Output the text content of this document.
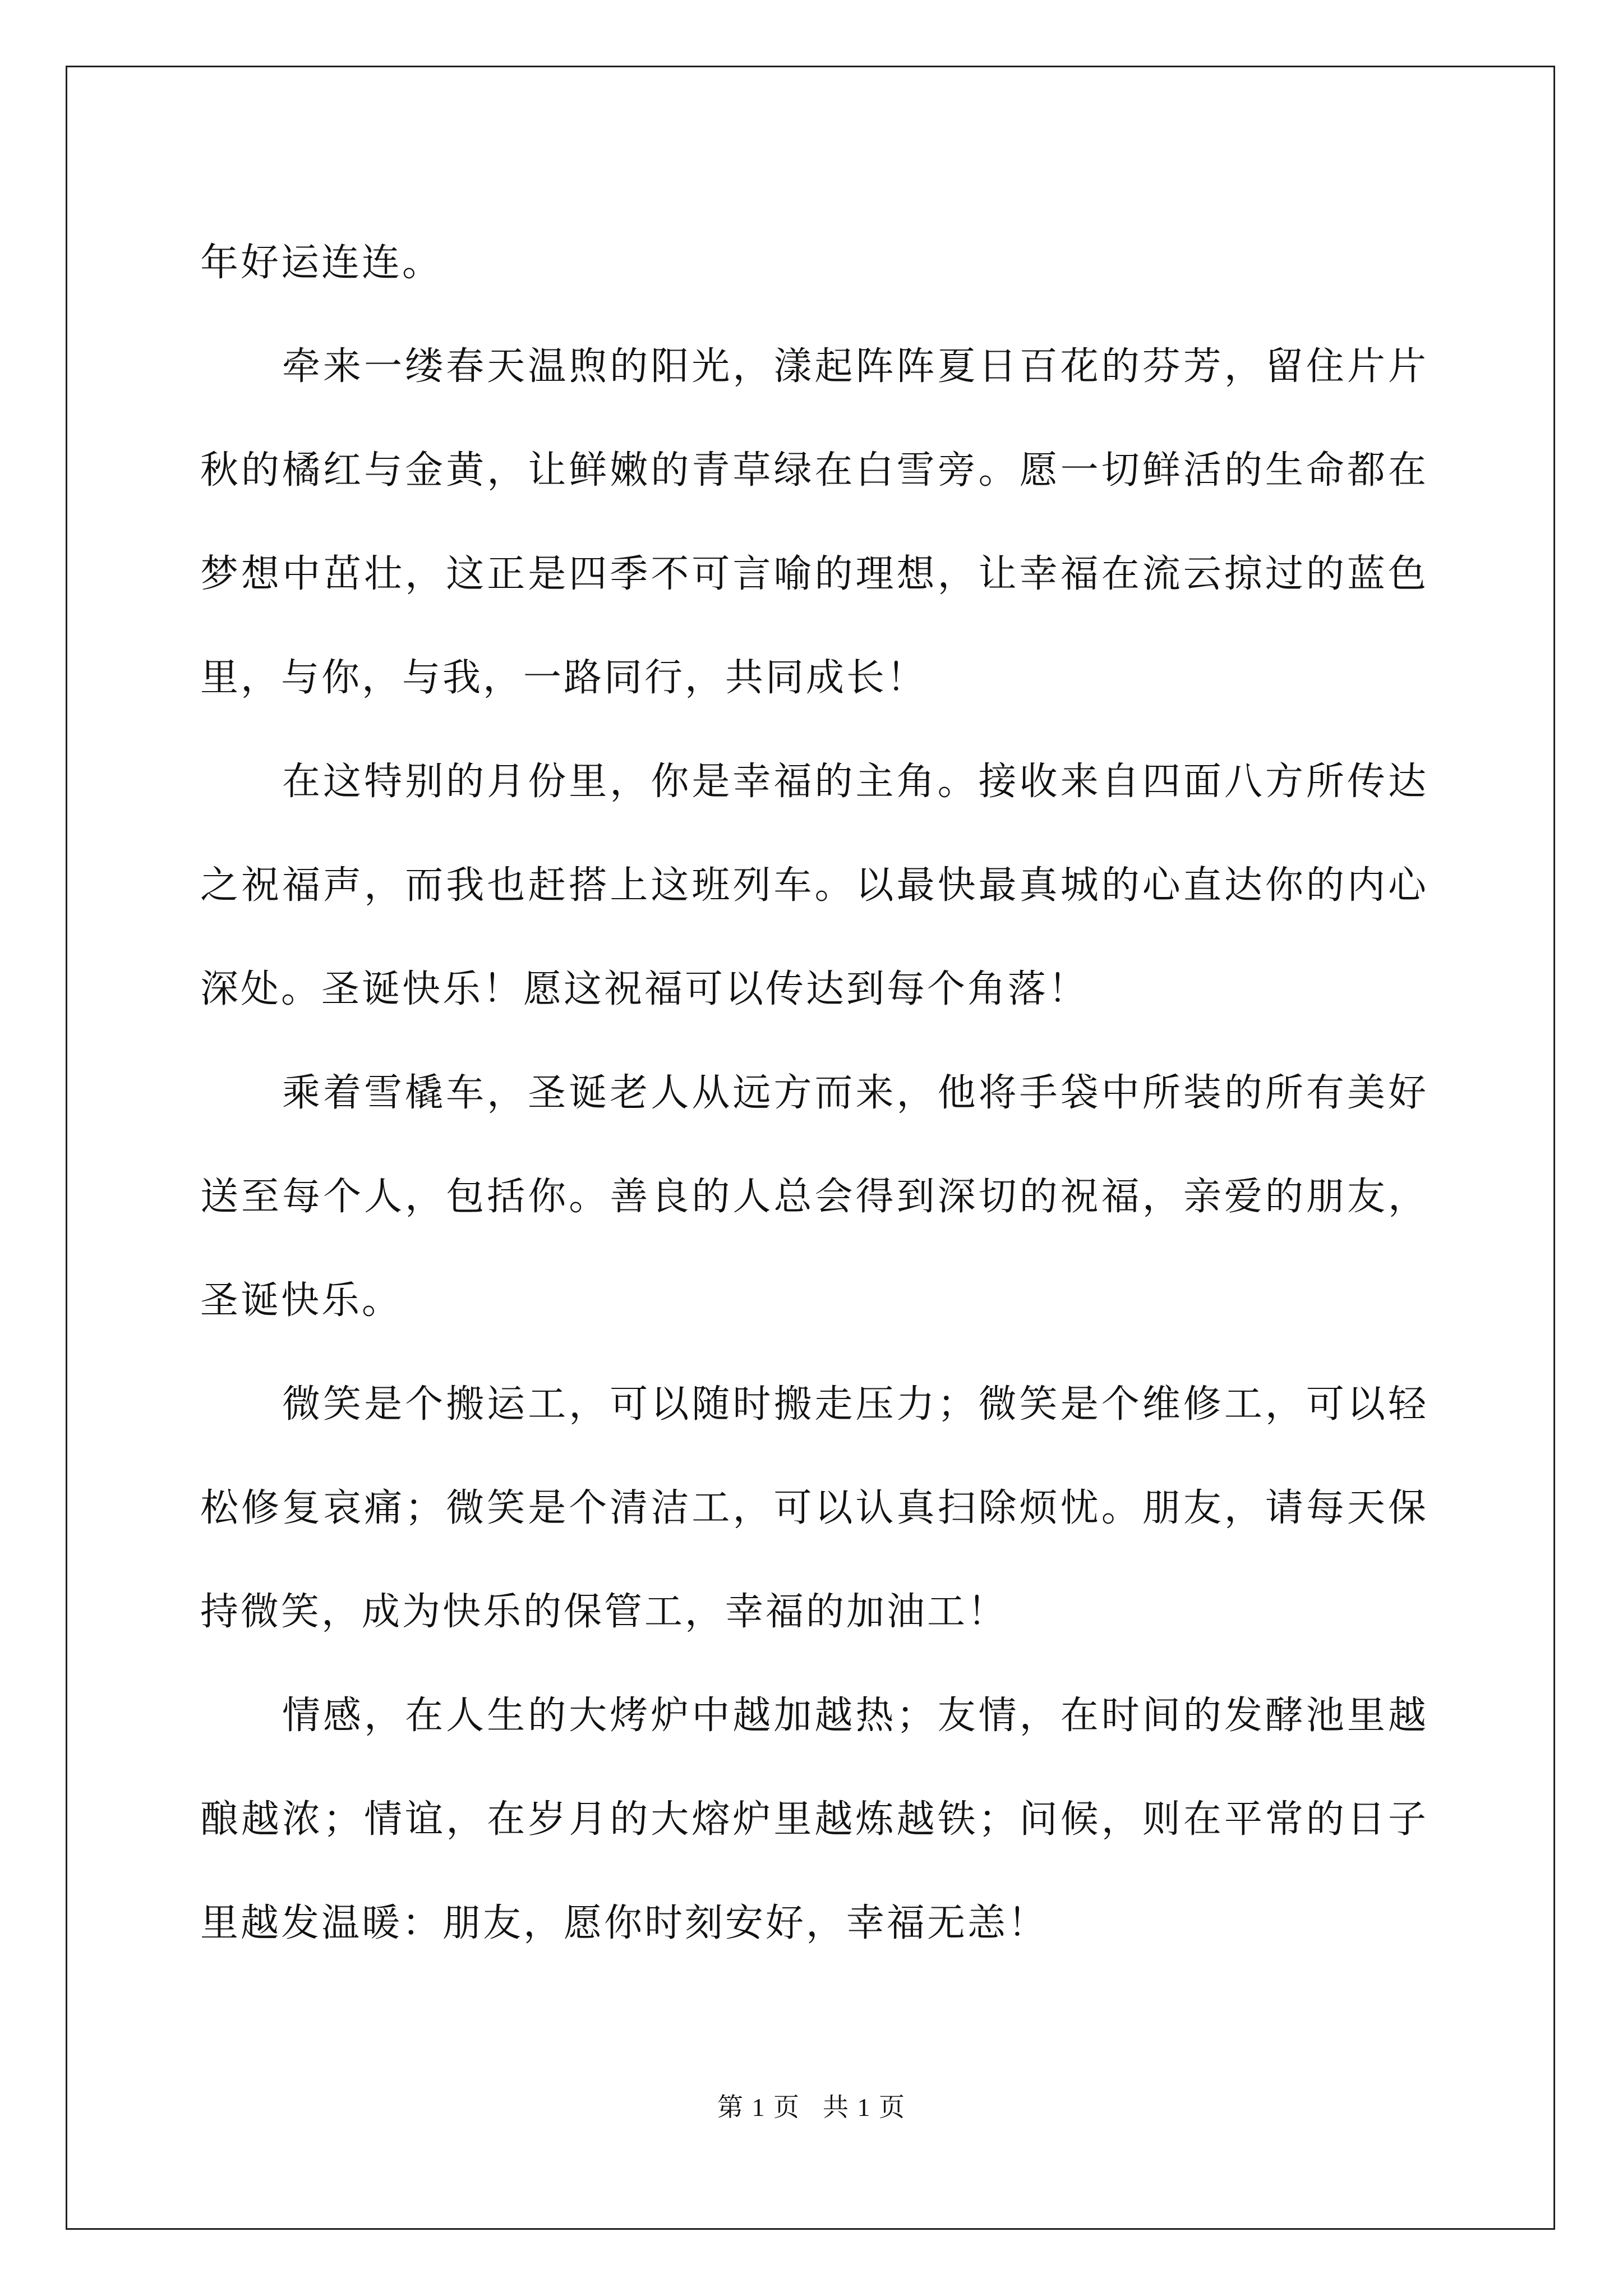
年好运连连。

牵来一缕春天温煦的阳光，漾起阵阵夏日百花的芬芳，留住片片秋的橘红与金黄，让鲜嫩的青草绿在白雪旁。愿一切鲜活的生命都在梦想中茁壮，这正是四季不可言喻的理想，让幸福在流云掠过的蓝色里，与你，与我，一路同行，共同成长！

在这特别的月份里，你是幸福的主角。接收来自四面八方所传达之祝福声，而我也赶搭上这班列车。以最快最真城的心直达你的内心深处。圣诞快乐！愿这祝福可以传达到每个角落！

乘着雪橇车，圣诞老人从远方而来，他将手袋中所装的所有美好送至每个人，包括你。善良的人总会得到深切的祝福，亲爱的朋友，圣诞快乐。

微笑是个搬运工，可以随时搬走压力；微笑是个维修工，可以轻松修复哀痛；微笑是个清洁工，可以认真扫除烦忧。朋友，请每天保持微笑，成为快乐的保管工，幸福的加油工！

情感，在人生的大烤炉中越加越热；友情，在时间的发酵池里越酿越浓；情谊，在岁月的大熔炉里越炼越铁；问候，则在平常的日子里越发温暖：朋友，愿你时刻安好，幸福无恙！

第 1 页 共 1 页
